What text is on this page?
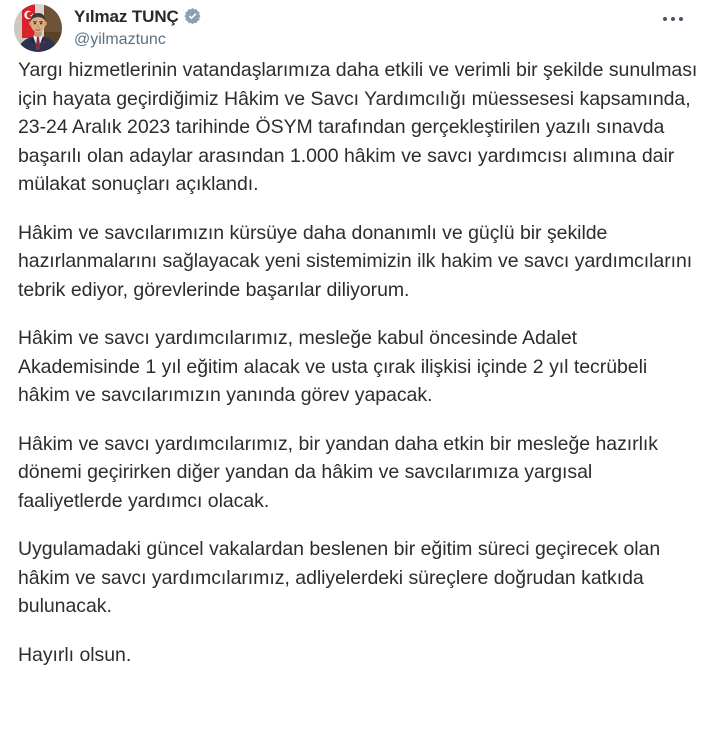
Yılmaz TUNÇ
@yilmaztunc

Yargı hizmetlerinin vatandaşlarımıza daha etkili ve verimli bir şekilde sunulması için hayata geçirdiğimiz Hâkim ve Savcı Yardımcılığı müessesesi kapsamında, 23-24 Aralık 2023 tarihinde ÖSYM tarafından gerçekleştirilen yazılı sınavda başarılı olan adaylar arasından 1.000 hâkim ve savcı yardımcısı alımına dair mülakat sonuçları açıklandı.

Hâkim ve savcılarımızın kürsüye daha donanımlı ve güçlü bir şekilde hazırlanmalarını sağlayacak yeni sistemimizin ilk hakim ve savcı yardımcılarını tebrik ediyor, görevlerinde başarılar diliyorum.

Hâkim ve savcı yardımcılarımız, mesleğe kabul öncesinde Adalet Akademisinde 1 yıl eğitim alacak ve usta çırak ilişkisi içinde 2 yıl tecrübeli hâkim ve savcılarımızın yanında görev yapacak.

Hâkim ve savcı yardımcılarımız, bir yandan daha etkin bir mesleğe hazırlık dönemi geçirirken diğer yandan da hâkim ve savcılarımıza yargısal faaliyetlerde yardımcı olacak.

Uygulamadaki güncel vakalardan beslenen bir eğitim süreci geçirecek olan hâkim ve savcı yardımcılarımız, adliyelerdeki süreçlere doğrudan katkıda bulunacak.

Hayırlı olsun.
